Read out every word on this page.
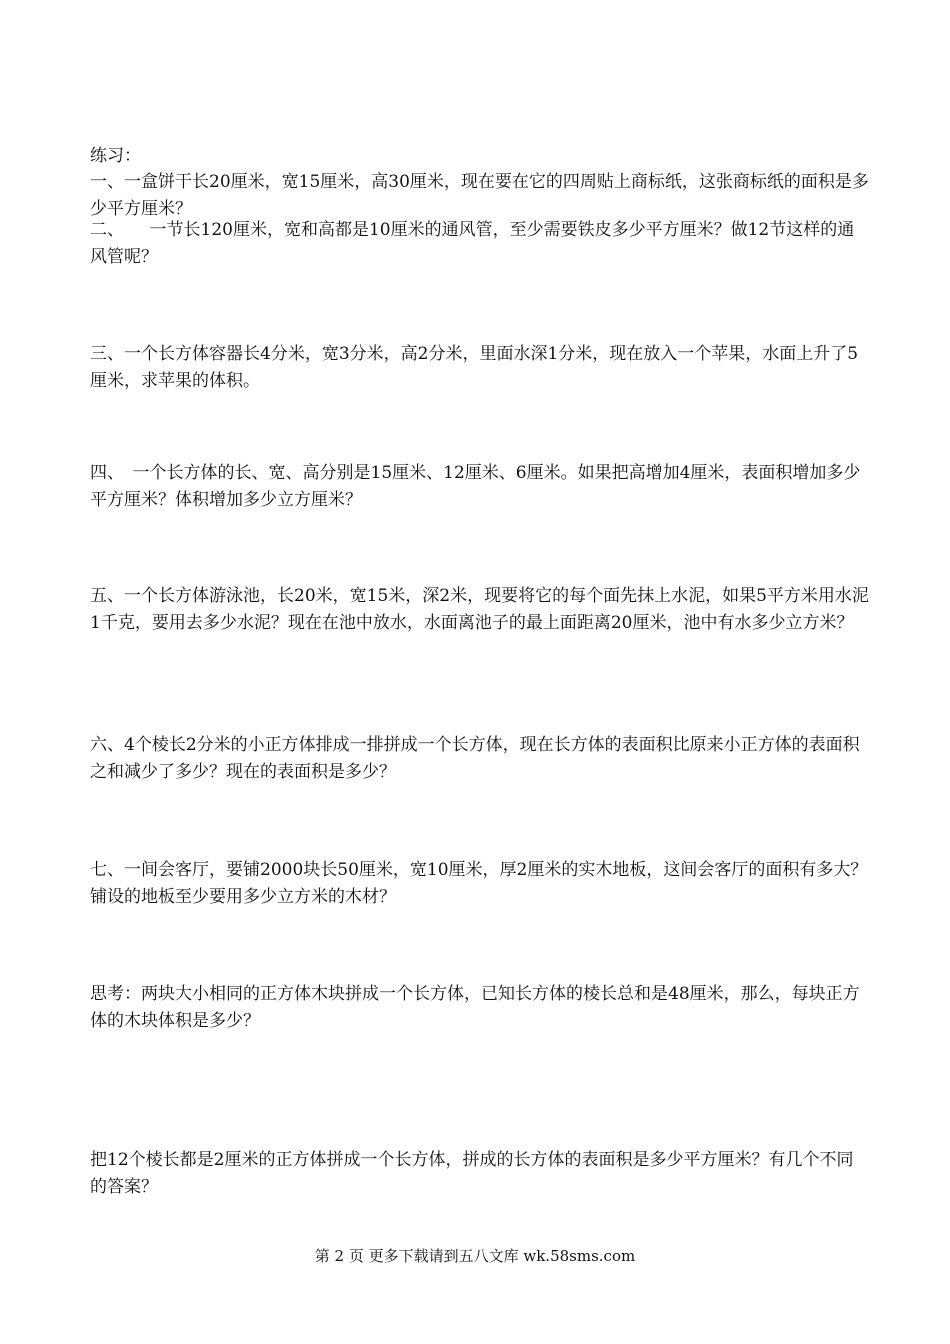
练习：

一、一盒饼干长20厘米，宽15厘米，高30厘米，现在要在它的四周贴上商标纸，这张商标纸的面积是多少平方厘米？

二、　　一节长120厘米，宽和高都是10厘米的通风管，至少需要铁皮多少平方厘米？做12节这样的通风管呢？

三、一个长方体容器长4分米，宽3分米，高2分米，里面水深1分米，现在放入一个苹果，水面上升了5厘米，求苹果的体积。

四、　一个长方体的长、宽、高分别是15厘米、12厘米、6厘米。如果把高增加4厘米，表面积增加多少平方厘米？体积增加多少立方厘米？

五、一个长方体游泳池，长20米，宽15米，深2米，现要将它的每个面先抹上水泥，如果5平方米用水泥1千克，要用去多少水泥？现在在池中放水，水面离池子的最上面距离20厘米，池中有水多少立方米？

六、4个棱长2分米的小正方体排成一排拼成一个长方体，现在长方体的表面积比原来小正方体的表面积之和减少了多少？现在的表面积是多少？

七、一间会客厅，要铺2000块长50厘米，宽10厘米，厚2厘米的实木地板，这间会客厅的面积有多大？铺设的地板至少要用多少立方米的木材？

思考：两块大小相同的正方体木块拼成一个长方体，已知长方体的棱长总和是48厘米，那么，每块正方体的木块体积是多少？

把12个棱长都是2厘米的正方体拼成一个长方体，拼成的长方体的表面积是多少平方厘米？有几个不同的答案？

第 2 页 更多下载请到五八文库 wk.58sms.com
